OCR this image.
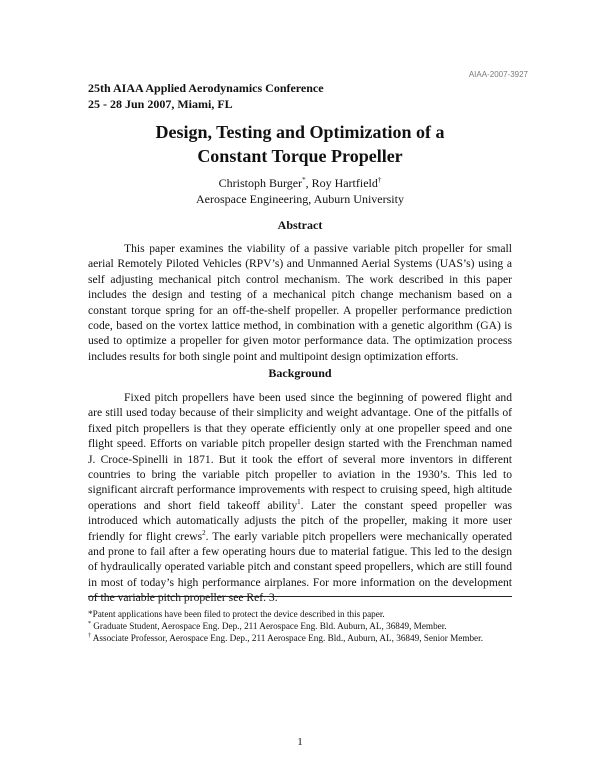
AIAA-2007-3927
25th AIAA Applied Aerodynamics Conference
25 - 28 Jun 2007, Miami, FL
Design, Testing and Optimization of a
Constant Torque Propeller
Christoph Burger*, Roy Hartfield†
Aerospace Engineering, Auburn University
Abstract

This paper examines the viability of a passive variable pitch propeller for small aerial Remotely Piloted Vehicles (RPV’s) and Unmanned Aerial Systems (UAS’s) using a self adjusting mechanical pitch control mechanism. The work described in this paper includes the design and testing of a mechanical pitch change mechanism based on a constant torque spring for an off-the-shelf propeller. A propeller performance prediction code, based on the vortex lattice method, in combination with a genetic algorithm (GA) is used to optimize a propeller for given motor performance data. The optimization process includes results for both single point and multipoint design optimization efforts.

Background

Fixed pitch propellers have been used since the beginning of powered flight and are still used today because of their simplicity and weight advantage. One of the pitfalls of fixed pitch propellers is that they operate efficiently only at one propeller speed and one flight speed. Efforts on variable pitch propeller design started with the Frenchman named J. Croce-Spinelli in 1871. But it took the effort of several more inventors in different countries to bring the variable pitch propeller to aviation in the 1930’s. This led to significant aircraft performance improvements with respect to cruising speed, high altitude operations and short field takeoff ability$^1$. Later the constant speed propeller was introduced which automatically adjusts the pitch of the propeller, making it more user friendly for flight crews$^2$. The early variable pitch propellers were mechanically operated and prone to fail after a few operating hours due to material fatigue. This led to the design of hydraulically operated variable pitch and constant speed propellers, which are still found in most of today’s high performance airplanes. For more information on the development of the variable pitch propeller see Ref. 3.

*Patent applications have been filed to protect the device described in this paper.

* Graduate Student, Aerospace Eng. Dep., 211 Aerospace Eng. Bld. Auburn, AL, 36849, Member.

† Associate Professor, Aerospace Eng. Dep., 211 Aerospace Eng. Bld., Auburn, AL, 36849, Senior Member.

1
